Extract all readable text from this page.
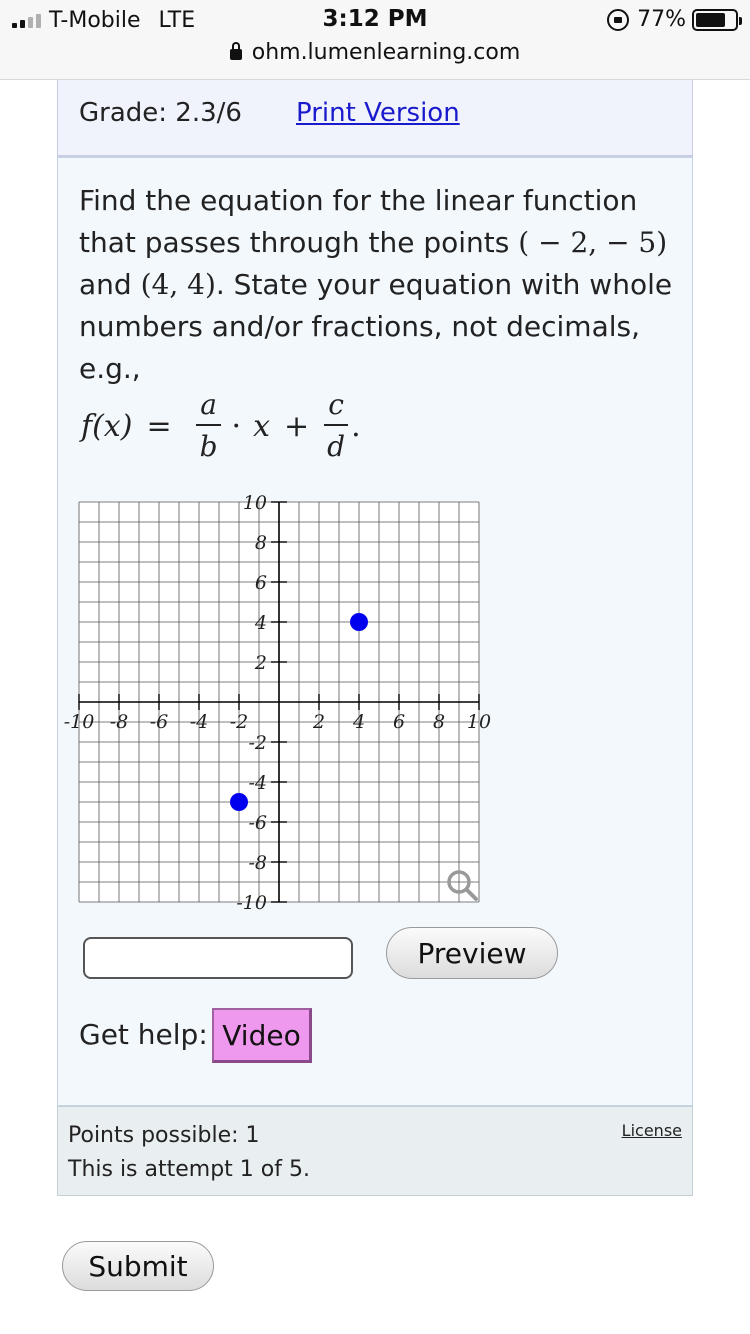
T-Mobile LTE	3:12 PM	77%
ohm.lumenlearning.com
Grade: 2.3/6 Print Version
Find the equation for the linear function that passes through the points ( − 2, − 5) and (4, 4). State your equation with whole numbers and/or fractions, not decimals, e.g.,
$f(x) = \frac{a}{b} \cdot x + \frac{c}{d}$ .
-10 -8 -6 -4 -2	2 4 6 8 10
-10
-8
-6
-4
-2
2
4
6
8
10
Preview
Get help: Video
Points possible: 1
This is attempt 1 of 5.
License
Submit
